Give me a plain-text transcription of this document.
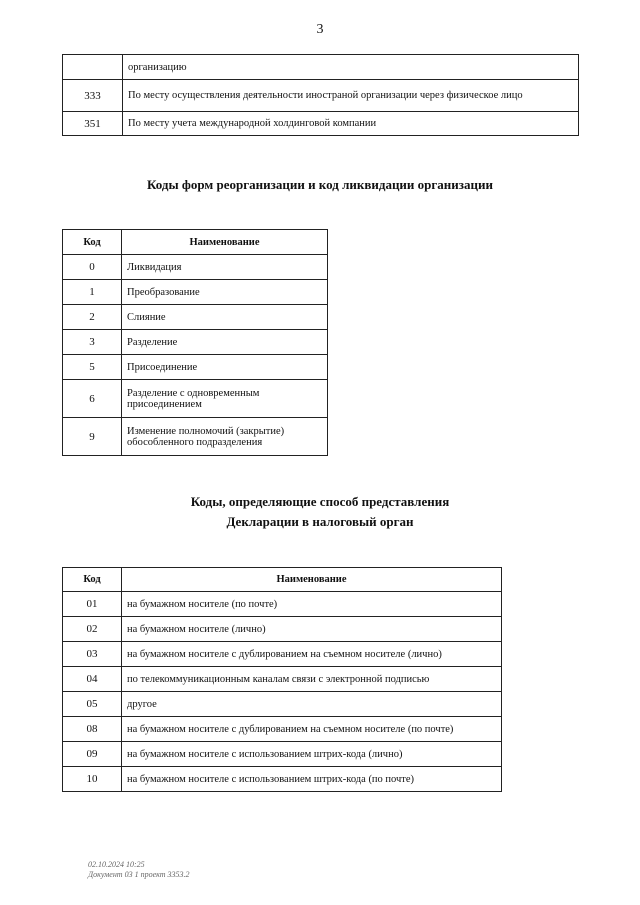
3
	организацию
333	По месту осуществления деятельности иностраной организации через физическое лицо
351	По месту учета международной холдинговой компании
Коды форм реорганизации и код ликвидации организации
Код	Наименование
0	Ликвидация
1	Преобразование
2	Слияние
3	Разделение
5	Присоединение
6	Разделение с одновременным присоединением
9	Изменение полномочий (закрытие) обособленного подразделения
Коды, определяющие способ представления
Декларации в налоговый орган
Код	Наименование
01	на бумажном носителе (по почте)
02	на бумажном носителе (лично)
03	на бумажном носителе с дублированием на съемном носителе (лично)
04	по телекоммуникационным каналам связи с электронной подписью
05	другое
08	на бумажном носителе с дублированием на съемном носителе (по почте)
09	на бумажном носителе с использованием штрих-кода (лично)
10	на бумажном носителе с использованием штрих-кода (по почте)
02.10.2024 10:25
Документ 03 1 проект 3353.2
